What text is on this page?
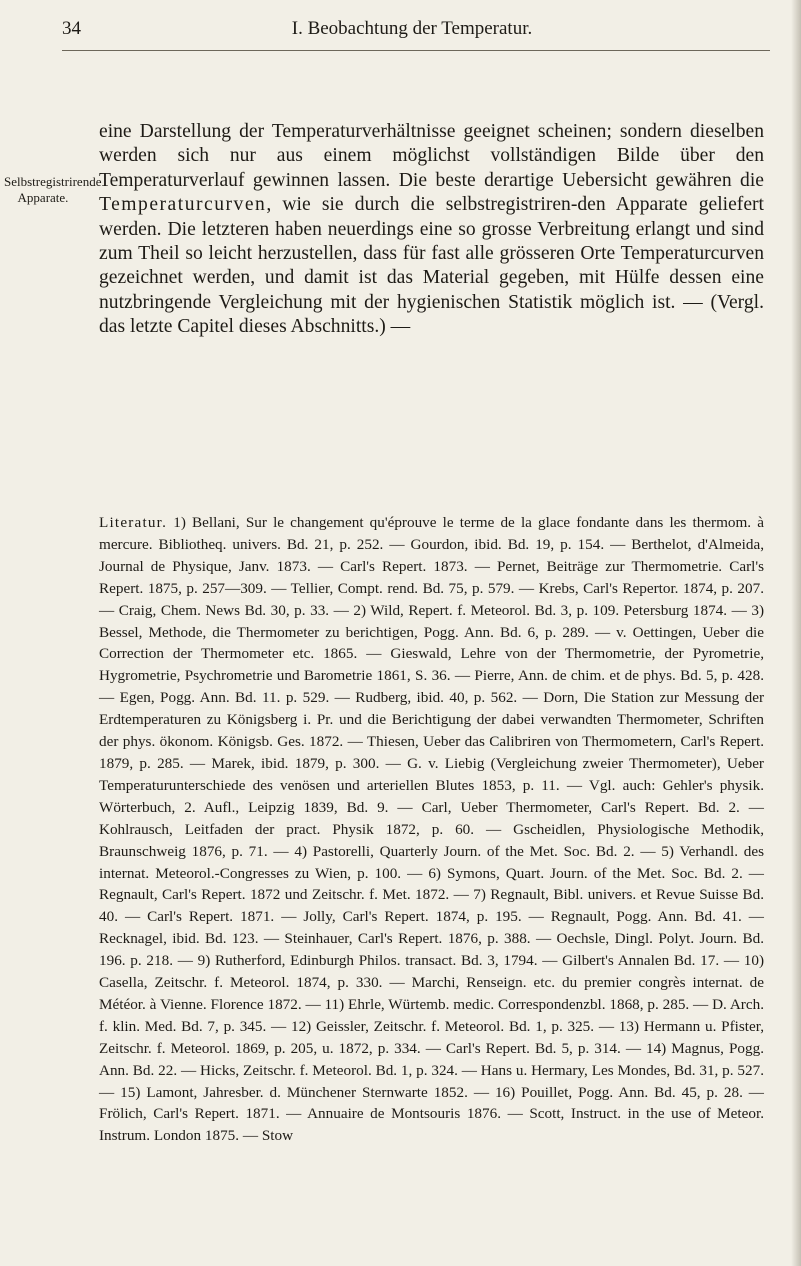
34	I. Beobachtung der Temperatur.
Selbstregistrirende Apparate.

eine Darstellung der Temperaturverhältnisse geeignet scheinen; sondern dieselben werden sich nur aus einem möglichst vollständigen Bilde über den Temperaturverlauf gewinnen lassen. Die beste derartige Uebersicht gewähren die Temperaturcurven, wie sie durch die selbstregistriren-den Apparate geliefert werden. Die letzteren haben neuerdings eine so grosse Verbreitung erlangt und sind zum Theil so leicht herzustellen, dass für fast alle grösseren Orte Temperaturcurven gezeichnet werden, und damit ist das Material gegeben, mit Hülfe dessen eine nutzbringende Vergleichung mit der hygienischen Statistik möglich ist. — (Vergl. das letzte Capitel dieses Abschnitts.) —

Literatur. 1) Bellani, Sur le changement qu'éprouve le terme de la glace fondante dans les thermom. à mercure. Bibliotheq. univers. Bd. 21, p. 252. — Gourdon, ibid. Bd. 19, p. 154. — Berthelot, d'Almeida, Journal de Physique, Janv. 1873. — Carl's Repert. 1873. — Pernet, Beiträge zur Thermometrie. Carl's Repert. 1875, p. 257—309. — Tellier, Compt. rend. Bd. 75, p. 579. — Krebs, Carl's Repertor. 1874, p. 207. — Craig, Chem. News Bd. 30, p. 33. — 2) Wild, Repert. f. Meteorol. Bd. 3, p. 109. Petersburg 1874. — 3) Bessel, Methode, die Thermometer zu berichtigen, Pogg. Ann. Bd. 6, p. 289. — v. Oettingen, Ueber die Correction der Thermometer etc. 1865. — Gieswald, Lehre von der Thermometrie, der Pyrometrie, Hygrometrie, Psychrometrie und Barometrie 1861, S. 36. — Pierre, Ann. de chim. et de phys. Bd. 5, p. 428. — Egen, Pogg. Ann. Bd. 11. p. 529. — Rudberg, ibid. 40, p. 562. — Dorn, Die Station zur Messung der Erdtemperaturen zu Königsberg i. Pr. und die Berichtigung der dabei verwandten Thermometer, Schriften der phys. ökonom. Königsb. Ges. 1872. — Thiesen, Ueber das Calibriren von Thermometern, Carl's Repert. 1879, p. 285. — Marek, ibid. 1879, p. 300. — G. v. Liebig (Vergleichung zweier Thermometer), Ueber Temperaturunterschiede des venösen und arteriellen Blutes 1853, p. 11. — Vgl. auch: Gehler's physik. Wörterbuch, 2. Aufl., Leipzig 1839, Bd. 9. — Carl, Ueber Thermometer, Carl's Repert. Bd. 2. — Kohlrausch, Leitfaden der pract. Physik 1872, p. 60. — Gscheidlen, Physiologische Methodik, Braunschweig 1876, p. 71. — 4) Pastorelli, Quarterly Journ. of the Met. Soc. Bd. 2. — 5) Verhandl. des internat. Meteorol.-Congresses zu Wien, p. 100. — 6) Symons, Quart. Journ. of the Met. Soc. Bd. 2. — Regnault, Carl's Repert. 1872 und Zeitschr. f. Met. 1872. — 7) Regnault, Bibl. univers. et Revue Suisse Bd. 40. — Carl's Repert. 1871. — Jolly, Carl's Repert. 1874, p. 195. — Regnault, Pogg. Ann. Bd. 41. — Recknagel, ibid. Bd. 123. — Steinhauer, Carl's Repert. 1876, p. 388. — Oechsle, Dingl. Polyt. Journ. Bd. 196. p. 218. — 9) Rutherford, Edinburgh Philos. transact. Bd. 3, 1794. — Gilbert's Annalen Bd. 17. — 10) Casella, Zeitschr. f. Meteorol. 1874, p. 330. — Marchi, Renseign. etc. du premier congrès internat. de Météor. à Vienne. Florence 1872. — 11) Ehrle, Würtemb. medic. Correspondenzbl. 1868, p. 285. — D. Arch. f. klin. Med. Bd. 7, p. 345. — 12) Geissler, Zeitschr. f. Meteorol. Bd. 1, p. 325. — 13) Hermann u. Pfister, Zeitschr. f. Meteorol. 1869, p. 205, u. 1872, p. 334. — Carl's Repert. Bd. 5, p. 314. — 14) Magnus, Pogg. Ann. Bd. 22. — Hicks, Zeitschr. f. Meteorol. Bd. 1, p. 324. — Hans u. Hermary, Les Mondes, Bd. 31, p. 527. — 15) Lamont, Jahresber. d. Münchener Sternwarte 1852. — 16) Pouillet, Pogg. Ann. Bd. 45, p. 28. — Frölich, Carl's Repert. 1871. — Annuaire de Montsouris 1876. — Scott, Instruct. in the use of Meteor. Instrum. London 1875. — Stow
